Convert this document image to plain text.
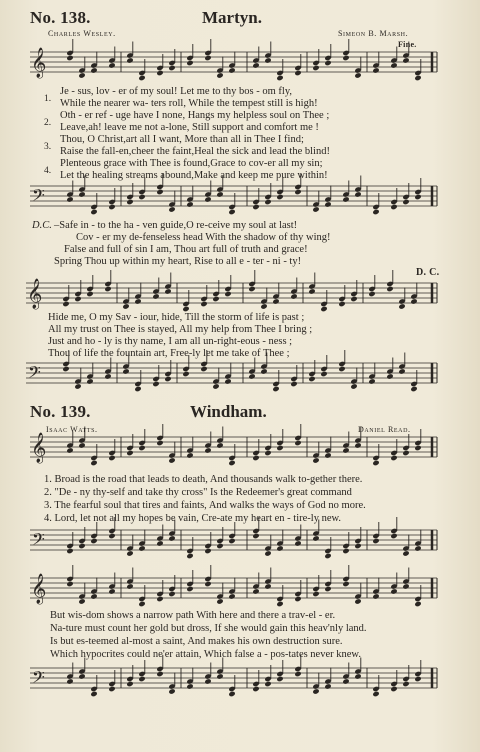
No. 138.	Martyn.
Charles Wesley.	Simeon B. Marsh.
Fine.
𝄞
𝄢
𝄞
𝄢
𝄞
𝄢
𝄞
𝄢
1.
2.
3.
4.
Je - sus, lov - er of my soul! Let me to thy bos - om fly,
While the nearer wa- ters roll, While the tempest still is high!
Oth - er ref - uge have I none, Hangs my helpless soul on Thee ;
Leave,ah! leave me not a-lone, Still support and comfort me !
Thou, O Christ,art all I want, More than all in Thee I find;
Raise the fall-en,cheer the faint,Heal the sick and lead the blind!
Plenteous grace with Thee is found,Grace to cov-er all my sin;
Let the healing streams abound,Make and keep me pure within!
D.C. –Safe in - to the ha - ven guide,O re-ceive my soul at last!
Cov - er my de-fenseless head With the shadow of thy wing!
False and full of sin I am, Thou art full of truth and grace!
Spring Thou up within my heart, Rise to all e - ter - ni - ty!
D. C.
Hide me, O my Sav - iour, hide, Till the storm of life is past ;
All my trust on Thee is stayed, All my help from Thee I bring ;
Just and ho - ly is thy name, I am all un-right-eous - ness ;
Thou of life the fountain art, Free-ly let me take of Thee ;
No. 139.	Windham.
Isaac Watts.	Daniel Read.
1. Broad is the road that leads to death, And thousands walk to-gether there.
2. "De - ny thy-self and take thy cross" Is the Redeemer's great command
3. The fearful soul that tires and faints, And walks the ways of God no more.
4. Lord, let not all my hopes be vain, Cre-ate my heart en - tire-ly new.
But wis-dom shows a narrow path With here and there a trav-el - er.
Na-ture must count her gold but dross, If she would gain this heav'nly land.
Is but es-teemed al-most a saint, And makes his own destruction sure.
Which hypocrites could ne'er attain, Which false a - pos-tates never knew.
